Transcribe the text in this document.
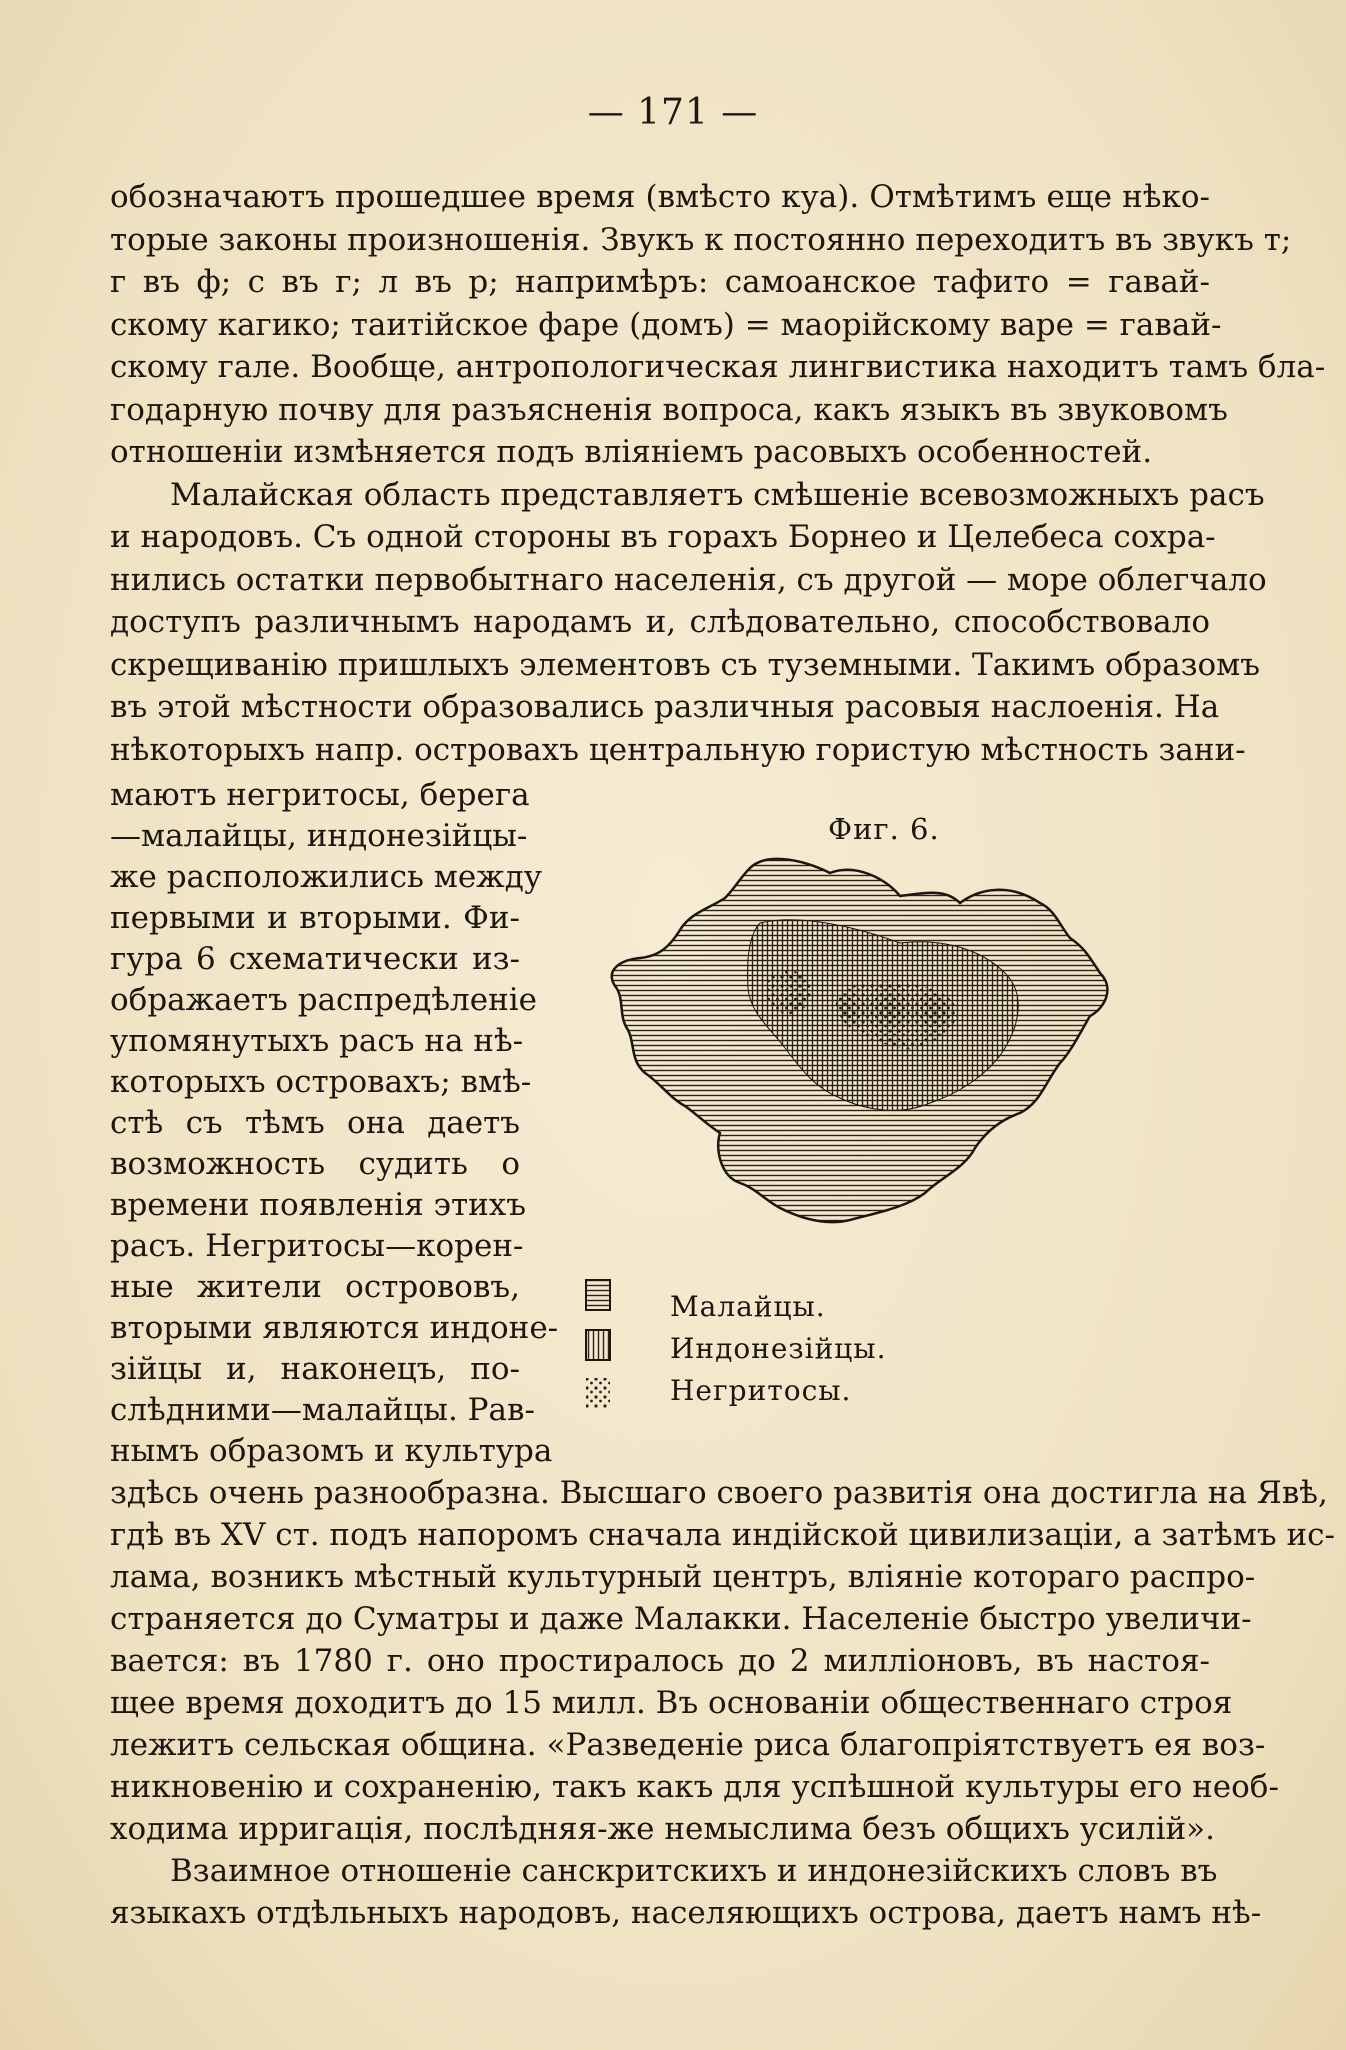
— 171 —
обозначаютъ прошедшее время (вмѣсто куа). Отмѣтимъ еще нѣко-
торые законы произношенія. Звукъ к постоянно переходитъ въ звукъ т;
г въ ф; с въ г; л въ р; напримѣръ: самоанское тафито = гавай-
скому кагико; таитійское фаре (домъ) = маорійскому варе = гавай-
скому гале. Вообще, антропологическая лингвистика находитъ тамъ бла-
годарную почву для разъясненія вопроса, какъ языкъ въ звуковомъ
отношеніи измѣняется подъ вліяніемъ расовыхъ особенностей.
Малайская область представляетъ смѣшеніе всевозможныхъ расъ
и народовъ. Съ одной стороны въ горахъ Борнео и Целебеса сохра-
нились остатки первобытнаго населенія, съ другой — море облегчало
доступъ различнымъ народамъ и, слѣдовательно, способствовало
скрещиванію пришлыхъ элементовъ съ туземными. Такимъ образомъ
въ этой мѣстности образовались различныя расовыя наслоенія. На
нѣкоторыхъ напр. островахъ центральную гористую мѣстность зани-
маютъ негритосы, берега
—малайцы, индонезійцы-
же расположились между
первыми и вторыми. Фи-
гура 6 схематически из-
ображаетъ распредѣленіе
упомянутыхъ расъ на нѣ-
которыхъ островахъ; вмѣ-
стѣ съ тѣмъ она даетъ
возможность судить о
времени появленія этихъ
расъ. Негритосы—корен-
ные жители острововъ,
вторыми являются индоне-
зійцы и, наконецъ, по-
слѣдними—малайцы. Рав-
нымъ образомъ и культура
здѣсь очень разнообразна. Высшаго своего развитія она достигла на Явѣ,
гдѣ въ XV ст. подъ напоромъ сначала индійской цивилизаціи, а затѣмъ ис-
лама, возникъ мѣстный культурный центръ, вліяніе котораго распро-
страняется до Суматры и даже Малакки. Населеніе быстро увеличи-
вается: въ 1780 г. оно простиралось до 2 милліоновъ, въ настоя-
щее время доходитъ до 15 милл. Въ основаніи общественнаго строя
лежитъ сельская община. «Разведеніе риса благопріятствуетъ ея воз-
никновенію и сохраненію, такъ какъ для успѣшной культуры его необ-
ходима ирригація, послѣдняя-же немыслима безъ общихъ усилій».
Взаимное отношеніе санскритскихъ и индонезійскихъ словъ въ
языкахъ отдѣльныхъ народовъ, населяющихъ острова, даетъ намъ нѣ-
Фиг. 6.
Малайцы.
Индонезійцы.
Негритосы.
